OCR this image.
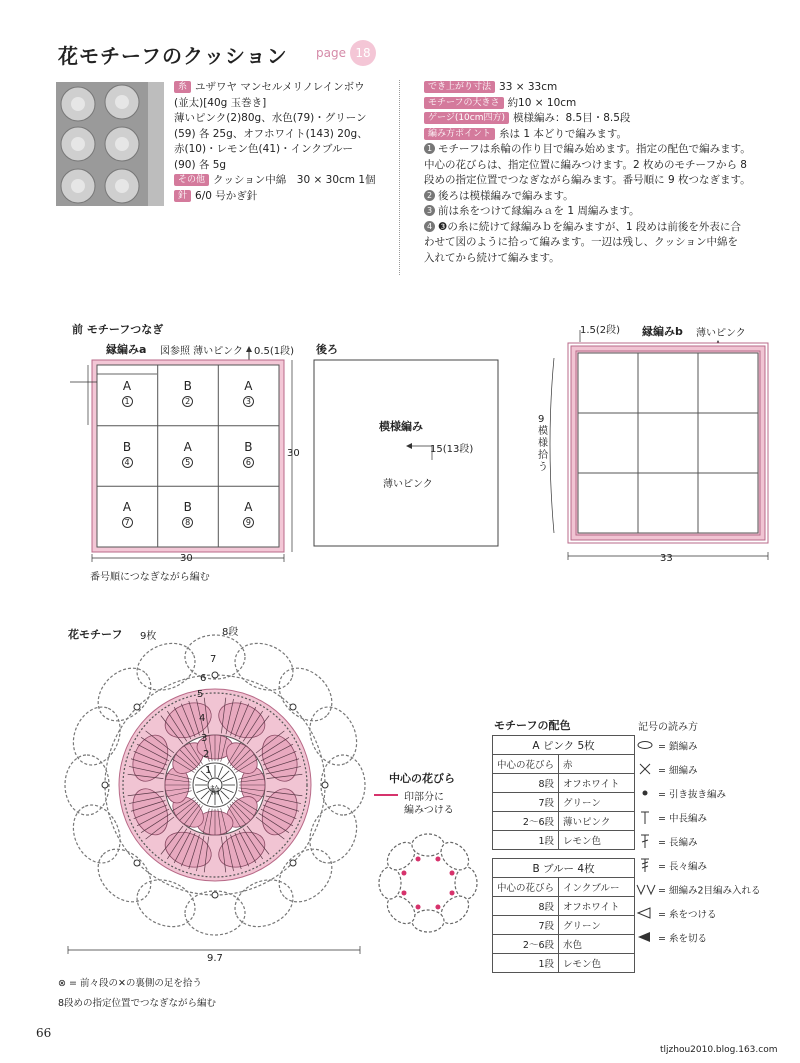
花モチーフのクッション page 18
糸 ユザワヤ マンセルメリノレインボウ
(並太)[40g 玉巻き]
薄いピンク(2)80g、水色(79)・グリーン
(59) 各 25g、オフホワイト(143) 20g、
赤(10)・レモン色(41)・インクブルー
(90) 各 5g
その他 クッション中綿　30 × 30cm 1個
針 6/0 号かぎ針
でき上がり寸法 33 × 33cm
モチーフの大きさ 約10 × 10cm
ゲージ(10cm四方) 模様編み：8.5目・8.5段
編み方ポイント 糸は 1 本どりで編みます。
1 モチーフは糸輪の作り目で編み始めます。指定の配色で編みます。
中心の花びらは、指定位置に編みつけます。2 枚めのモチーフから 8
段めの指定位置でつなぎながら編みます。番号順に 9 枚つなぎます。
2 後ろは模様編みで編みます。
3 前は糸をつけて縁編みａを 1 周編みます。
4 ❸の糸に続けて縁編みｂを編みますが、1 段めは前後を外表に合
わせて図のように拾って編みます。一辺は残し、クッション中綿を
入れてから続けて編みます。
前 モチーフつなぎ
縁編みa 図参照 薄いピンク 0.5(1段)
30
30
番号順につなぎながら編む
A
1
B
2
A
3
B
4
A
5
B
6
A
7
B
8
A
9
後ろ
模様編み
15(13段)
薄いピンク
1.5(2段) 縁編みb 薄いピンク
9模様拾う
33
花モチーフ 9枚	8段
7
6
5
4
3
2
1
輪
9.7
⊗ = 前々段の✕の裏側の足を拾う
8段めの指定位置でつなぎながら編む
中心の花びら
印部分に
編みつける
モチーフの配色
A ピンク 5枚	
中心の花びら	赤
8段	オフホワイト
7段	グリーン
2〜6段	薄いピンク
1段	レモン色
B ブルー 4枚	
中心の花びら	インクブルー
8段	オフホワイト
7段	グリーン
2〜6段	水色
1段	レモン色
記号の読み方
= 鎖編み
= 細編み
= 引き抜き編み
= 中長編み
= 長編み
= 長々編み
= 細編み2目編み入れる
= 糸をつける
= 糸を切る
66
tljzhou2010.blog.163.com
